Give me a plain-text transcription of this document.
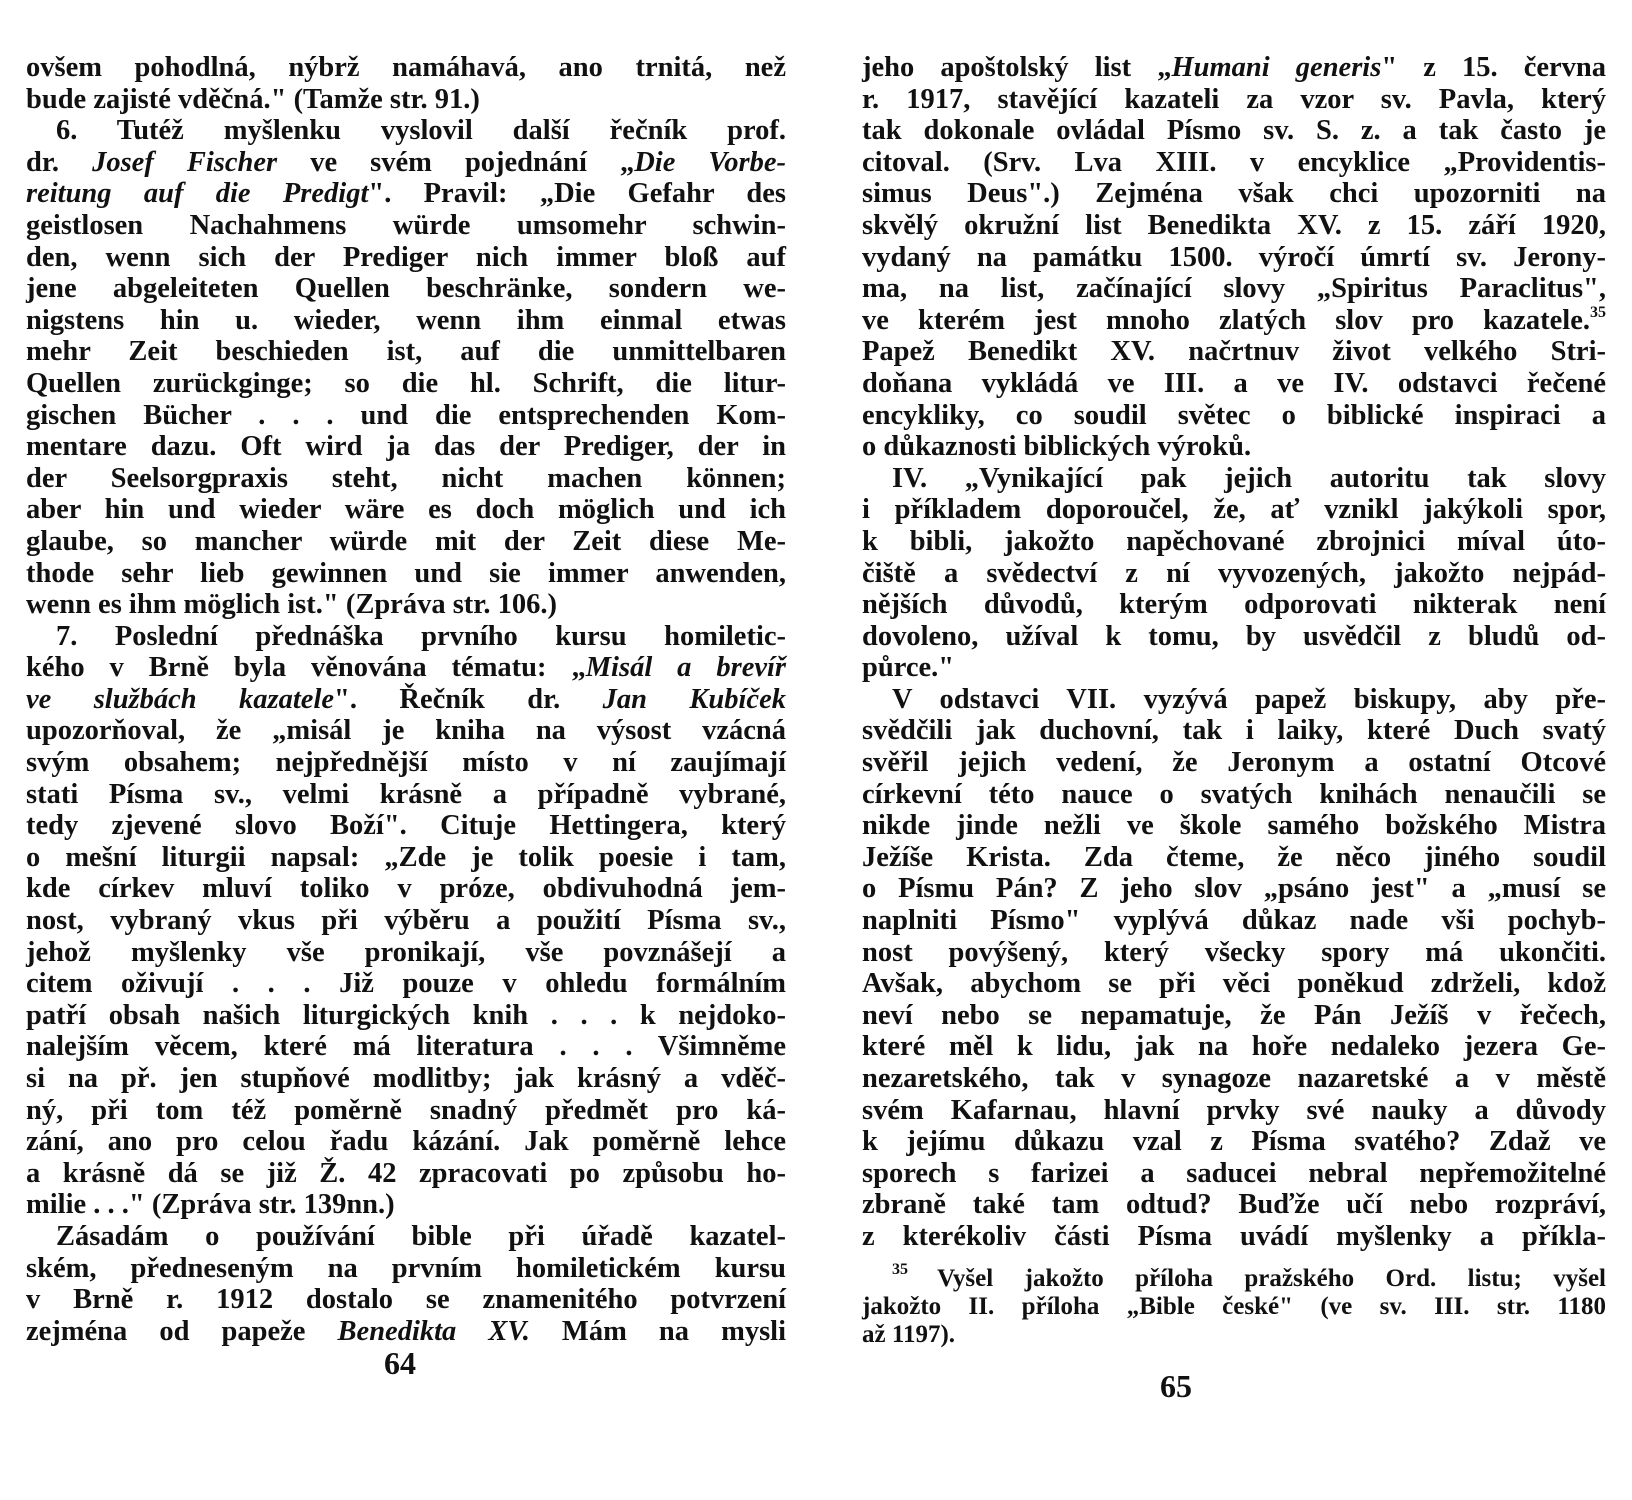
ovšem pohodlná, nýbrž namáhavá, ano trnitá, než
bude zajisté vděčná." (Tamže str. 91.)
6. Tutéž myšlenku vyslovil další řečník prof.
dr. Josef Fischer ve svém pojednání „Die Vorbe-
reitung auf die Predigt". Pravil: „Die Gefahr des
geistlosen Nachahmens würde umsomehr schwin-
den, wenn sich der Prediger nich immer bloß auf
jene abgeleiteten Quellen beschränke, sondern we-
nigstens hin u. wieder, wenn ihm einmal etwas
mehr Zeit beschieden ist, auf die unmittelbaren
Quellen zurückginge; so die hl. Schrift, die litur-
gischen Bücher . . . und die entsprechenden Kom-
mentare dazu. Oft wird ja das der Prediger, der in
der Seelsorgpraxis steht, nicht machen können;
aber hin und wieder wäre es doch möglich und ich
glaube, so mancher würde mit der Zeit diese Me-
thode sehr lieb gewinnen und sie immer anwenden,
wenn es ihm möglich ist." (Zpráva str. 106.)
7. Poslední přednáška prvního kursu homiletic-
kého v Brně byla věnována tématu: „Misál a brevíř
ve službách kazatele". Řečník dr. Jan Kubíček
upozorňoval, že „misál je kniha na výsost vzácná
svým obsahem; nejpřednější místo v ní zaujímají
stati Písma sv., velmi krásně a případně vybrané,
tedy zjevené slovo Boží". Cituje Hettingera, který
o mešní liturgii napsal: „Zde je tolik poesie i tam,
kde církev mluví toliko v próze, obdivuhodná jem-
nost, vybraný vkus při výběru a použití Písma sv.,
jehož myšlenky vše pronikají, vše povznášejí a
citem oživují . . . Již pouze v ohledu formálním
patří obsah našich liturgických knih . . . k nejdoko-
nalejším věcem, které má literatura . . . Všimněme
si na př. jen stupňové modlitby; jak krásný a vděč-
ný, při tom též poměrně snadný předmět pro ká-
zání, ano pro celou řadu kázání. Jak poměrně lehce
a krásně dá se již Ž. 42 zpracovati po způsobu ho-
milie . . ." (Zpráva str. 139nn.)
Zásadám o používání bible při úřadě kazatel-
ském, předneseným na prvním homiletickém kursu
v Brně r. 1912 dostalo se znamenitého potvrzení
zejména od papeže Benedikta XV. Mám na mysli
64
jeho apoštolský list „Humani generis" z 15. června
r. 1917, stavějící kazateli za vzor sv. Pavla, který
tak dokonale ovládal Písmo sv. S. z. a tak často je
citoval. (Srv. Lva XIII. v encyklice „Providentis-
simus Deus".) Zejména však chci upozorniti na
skvělý okružní list Benedikta XV. z 15. září 1920,
vydaný na památku 1500. výročí úmrtí sv. Jerony-
ma, na list, začínající slovy „Spiritus Paraclitus",
ve kterém jest mnoho zlatých slov pro kazatele.$^{35}$
Papež Benedikt XV. načrtnuv život velkého Stri-
doňana vykládá ve III. a ve IV. odstavci řečené
encykliky, co soudil světec o biblické inspiraci a
o důkaznosti biblických výroků.
IV. „Vynikající pak jejich autoritu tak slovy
i příkladem doporoučel, že, ať vznikl jakýkoli spor,
k bibli, jakožto napěchované zbrojnici míval úto-
čiště a svědectví z ní vyvozených, jakožto nejpád-
nějších důvodů, kterým odporovati nikterak není
dovoleno, užíval k tomu, by usvědčil z bludů od-
půrce."
V odstavci VII. vyzývá papež biskupy, aby pře-
svědčili jak duchovní, tak i laiky, které Duch svatý
svěřil jejich vedení, že Jeronym a ostatní Otcové
církevní této nauce o svatých knihách nenaučili se
nikde jinde nežli ve škole samého božského Mistra
Ježíše Krista. Zda čteme, že něco jiného soudil
o Písmu Pán? Z jeho slov „psáno jest" a „musí se
naplniti Písmo" vyplývá důkaz nade vši pochyb-
nost povýšený, který všecky spory má ukončiti.
Avšak, abychom se při věci poněkud zdrželi, kdož
neví nebo se nepamatuje, že Pán Ježíš v řečech,
které měl k lidu, jak na hoře nedaleko jezera Ge-
nezaretského, tak v synagoze nazaretské a v městě
svém Kafarnau, hlavní prvky své nauky a důvody
k jejímu důkazu vzal z Písma svatého? Zdaž ve
sporech s farizei a saducei nebral nepřemožitelné
zbraně také tam odtud? Buďže učí nebo rozpráví,
z kterékoliv části Písma uvádí myšlenky a příkla-
$^{35}$ Vyšel jakožto příloha pražského Ord. listu; vyšel
jakožto II. příloha „Bible české" (ve sv. III. str. 1180
až 1197).
65
